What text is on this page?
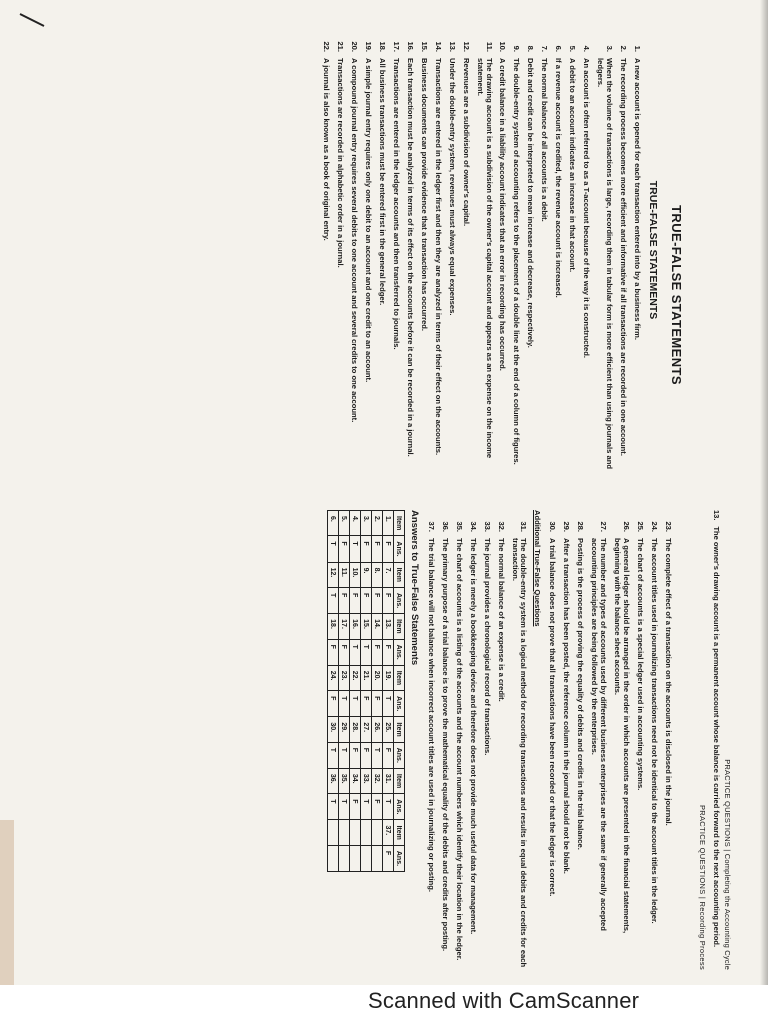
PRACTICE QUESTIONS | Completing the Accounting Cycle
13.
The owner's drawing account is a permanent account whose balance is carried forward to the next accounting period.
PRACTICE QUESTIONS | Recording Process
TRUE-FALSE STATEMENTS
TRUE-FALSE STATEMENTS
1.
A new account is opened for each transaction entered into by a business firm.
2.
The recording process becomes more efficient and informative if all transactions are recorded in one account.
3.
When the volume of transactions is large, recording them in tabular form is more efficient than using journals and ledgers.
4.
An account is often referred to as a T-account because of the way it is constructed.
5.
A debit to an account indicates an increase in that account.
6.
If a revenue account is credited, the revenue account is increased.
7.
The normal balance of all accounts is a debit.
8.
Debit and credit can be interpreted to mean increase and decrease, respectively.
9.
The double-entry system of accounting refers to the placement of a double line at the end of a column of figures.
10.
A credit balance in a liability account indicates that an error in recording has occurred.
11.
The drawing account is a subdivision of the owner's capital account and appears as an expense on the income statement.
12.
Revenues are a subdivision of owner's capital.
13.
Under the double-entry system, revenues must always equal expenses.
14.
Transactions are entered in the ledger first and then they are analyzed in terms of their effect on the accounts.
15.
Business documents can provide evidence that a transaction has occurred.
16.
Each transaction must be analyzed in terms of its effect on the accounts before it can be recorded in a journal.
17.
Transactions are entered in the ledger accounts and then transferred to journals.
18.
All business transactions must be entered first in the general ledger.
19.
A simple journal entry requires only one debit to an account and one credit to an account.
20.
A compound journal entry requires several debits to one account and several credits to one account.
21.
Transactions are recorded in alphabetic order in a journal.
22.
A journal is also known as a book of original entry.
23.
The complete effect of a transaction on the accounts is disclosed in the journal.
24.
The account titles used in journalizing transactions need not be identical to the account titles in the ledger.
25.
The chart of accounts is a special ledger used in accounting systems.
26.
A general ledger should be arranged in the order in which accounts are presented in the financial statements, beginning with the balance sheet accounts.
27.
The number and types of accounts used by different business enterprises are the same if generally accepted accounting principles are being followed by the enterprises.
28.
Posting is the process of proving the equality of debits and credits in the trial balance.
29.
After a transaction has been posted, the reference column in the journal should not be blank.
30.
A trial balance does not prove that all transactions have been recorded or that the ledger is correct.
Additional True-False Questions
31.
The double-entry system is a logical method for recording transactions and results in equal debits and credits for each transaction.
32.
The normal balance of an expense is a credit.
33.
The journal provides a chronological record of transactions.
34.
The ledger is merely a bookkeeping device and therefore does not provide much useful data for management.
35.
The chart of accounts is a listing of the accounts and the account numbers which identify their location in the ledger.
36.
The primary purpose of a trial balance is to prove the mathematical equality of the debits and credits after posting.
37.
The trial balance will not balance when incorrect account titles are used in journalizing or posting.
Answers to True-False Statements
Item	Ans.	Item	Ans.	Item	Ans.	Item	Ans.	Item	Ans.	Item	Ans.	Item	Ans.
1.	F	7.	F	13.	F	19.	T	25.	F	31.	T	37.	F
2.	F	8.	F	14.	F	20.	F	26.	T	32.	F		
3.	F	9.	F	15.	T	21.	F	27.	F	33.	T		
4.	T	10.	F	16.	T	22.	T	28.	F	34.	F		
5.	F	11.	F	17.	F	23.	T	29.	T	35.	T		
6.	T	12.	T	18.	F	24.	F	30.	T	36.	T		
Scanned with CamScanner
